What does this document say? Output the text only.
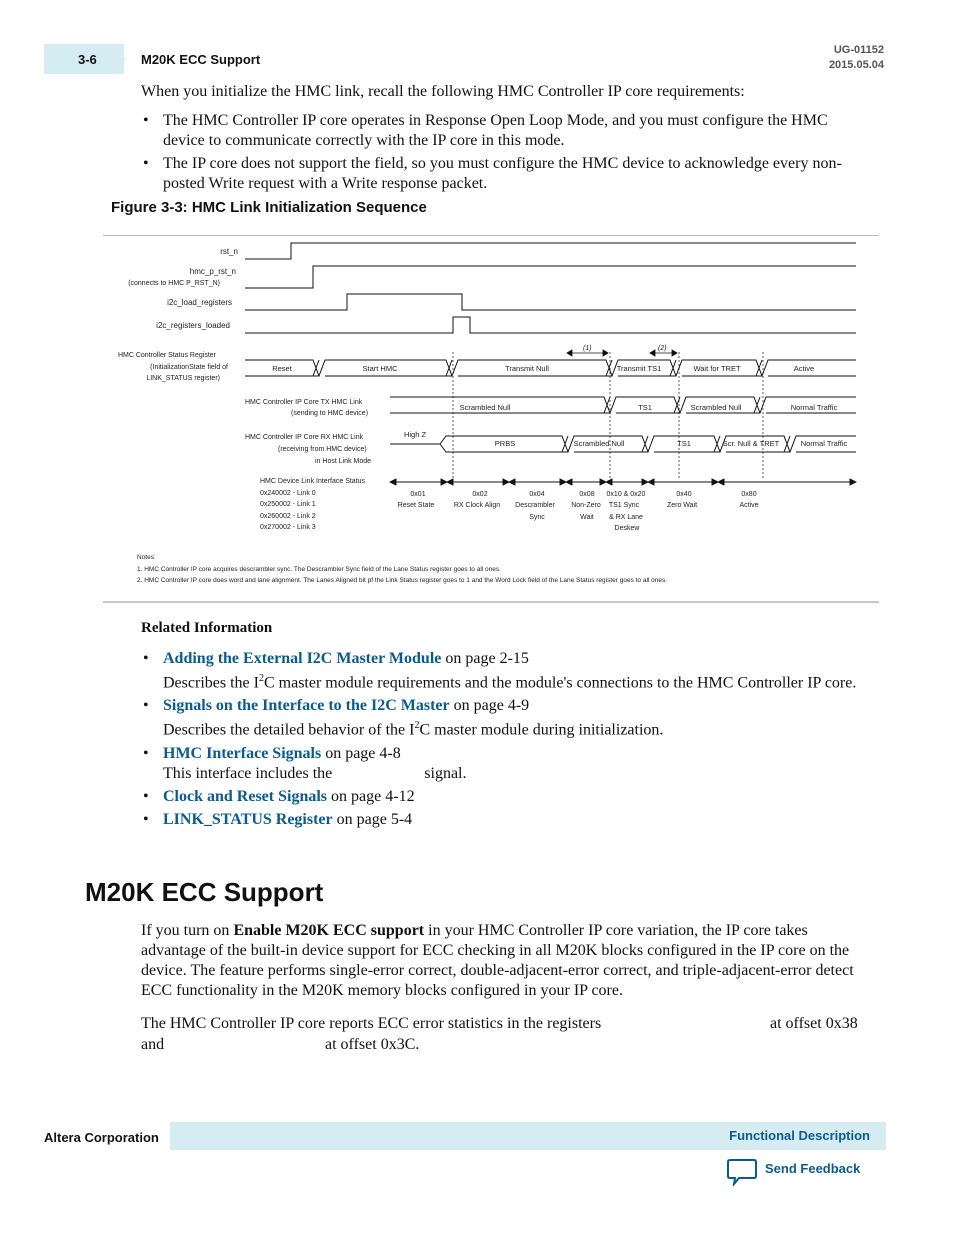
3-6	M20K ECC Support
UG-01152
2015.05.04

When you initialize the HMC link, recall the following HMC Controller IP core requirements:

• The HMC Controller IP core operates in Response Open Loop Mode, and you must configure the HMC device to communicate correctly with the IP core in this mode.
• The IP core does not support the field, so you must configure the HMC device to acknowledge every non-posted Write request with a Write response packet.
Figure 3-3: HMC Link Initialization Sequence
rst_n
hmc_p_rst_n
(connects to HMC P_RST_N)
i2c_load_registers
i2c_registers_loaded
HMC Controller Status Register
(InitializationState field of
LINK_STATUS register)
HMC Controller IP Core TX HMC Link
(sending to HMC device)
HMC Controller IP Core RX HMC Link
(receiving from HMC device)
in Host Link Mode
HMC Device Link Interface Status
0x240002 - Link 0
0x250002 - Link 1
0x260002 - Link 2
0x270002 - Link 3
Reset	Start HMC	Transmit Null	Transmit TS1	Wait for TRET	Active
(1)	(2)
Scrambled Null	TS1	Scrambled Null	Normal Traffic
High Z
PRBS	Scrambled Null	TS1	Scr. Null & TRET	Normal Traffic
0x01
Reset State
0x02
RX Clock Align
0x04
Descrambler
Sync
0x08
Non-Zero
Wait
0x10 & 0x20
TS1 Sync
& RX Lane
Deskew
0x40
Zero Wait
0x80
Active
Notes:
1. HMC Controller IP core acquires descrambler sync. The Descrambler Sync field of the Lane Status register goes to all ones.
2. HMC Controller IP core does word and lane alignment. The Lanes Aligned bit pf the Link Status register goes to 1 and the Word Lock field of the Lane Status register goes to all ones.
Related Information
• Adding the External I2C Master Module on page 2-15
Describes the $I^2C$ master module requirements and the module's connections to the HMC Controller IP core.
• Signals on the Interface to the I2C Master on page 4-9
Describes the detailed behavior of the $I^2C$ master module during initialization.
• HMC Interface Signals on page 4-8
This interface includes the                       signal.
• Clock and Reset Signals on page 4-12
• LINK_STATUS Register on page 5-4
M20K ECC Support

If you turn on Enable M20K ECC support in your HMC Controller IP core variation, the IP core takes advantage of the built-in device support for ECC checking in all M20K blocks configured in the IP core on the device. The feature performs single-error correct, double-adjacent-error correct, and triple-adjacent-error detect ECC functionality in the M20K memory blocks configured in your IP core.

The HMC Controller IP core reports ECC error statistics in the registers	at offset 0x38
and	at offset 0x3C.
Altera Corporation	Functional Description
Send Feedback
